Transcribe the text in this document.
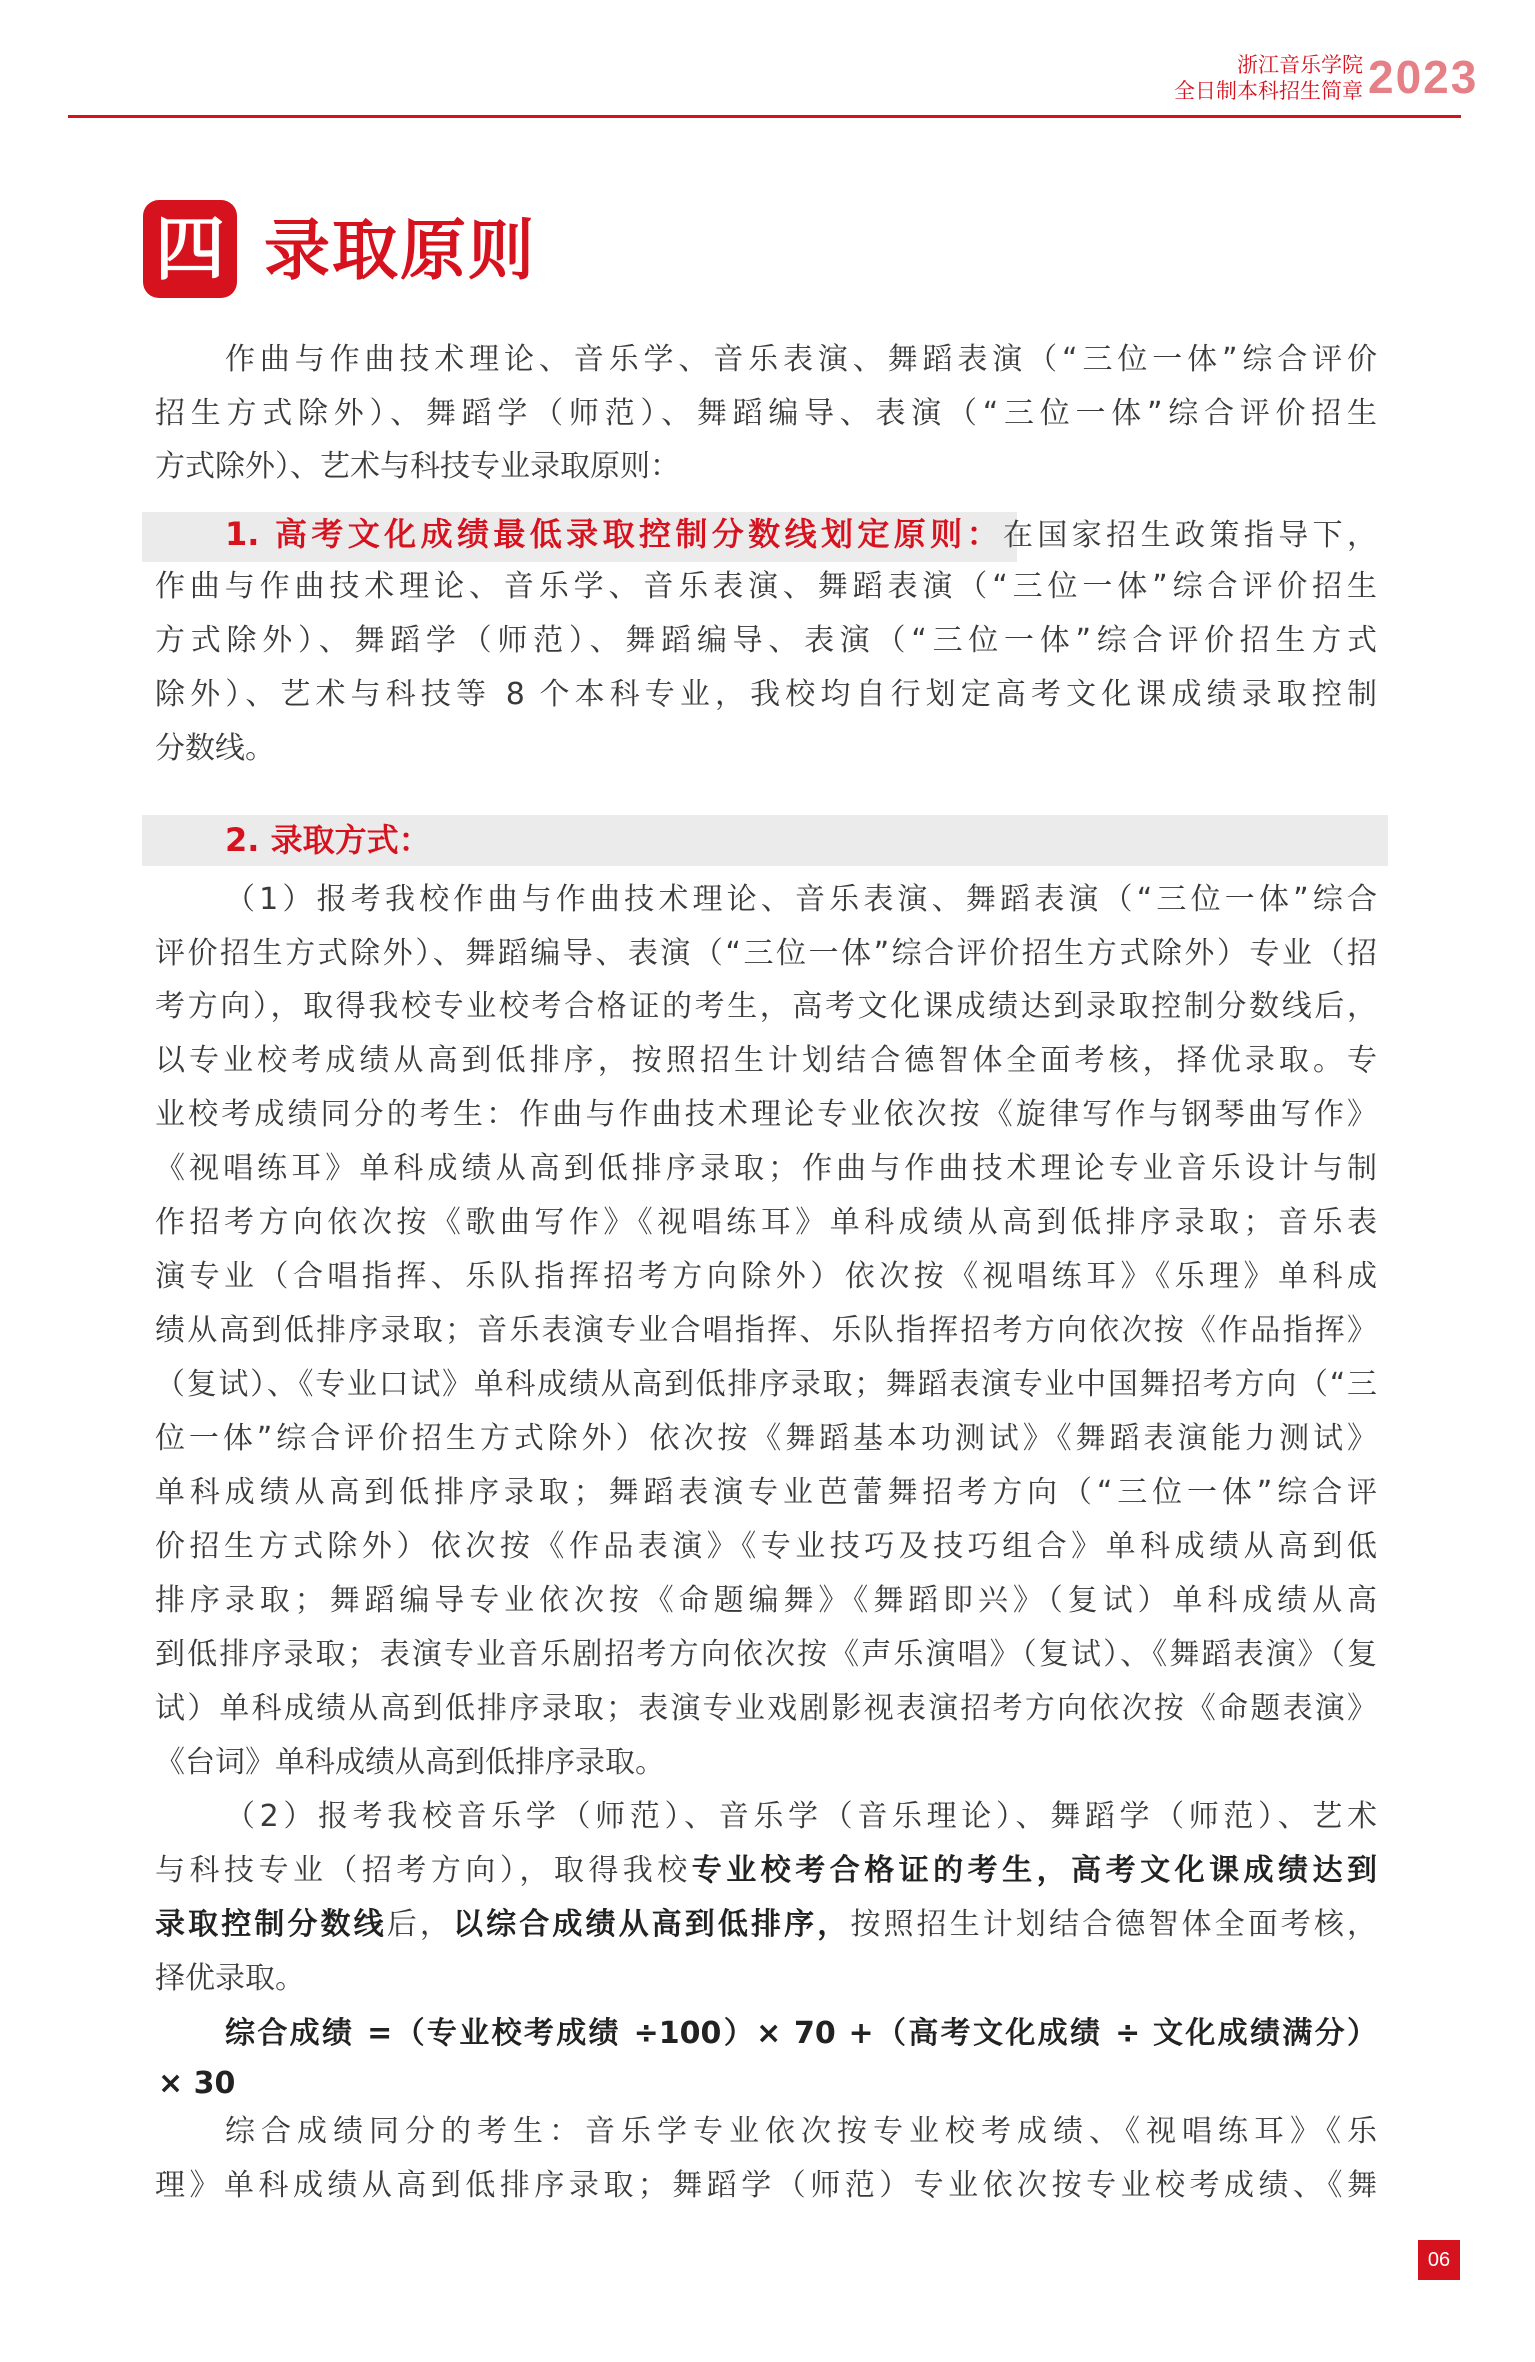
浙江音乐学院
全日制本科招生简章 2023
四 录取原则
作曲与作曲技术理论、音乐学、音乐表演、舞蹈表演（“三位一体”综合评价
招生方式除外）、舞蹈学（师范）、舞蹈编导、表演（“三位一体”综合评价招生
方式除外）、艺术与科技专业录取原则：
1. 高考文化成绩最低录取控制分数线划定原则：在国家招生政策指导下，
作曲与作曲技术理论、音乐学、音乐表演、舞蹈表演（“三位一体”综合评价招生
方式除外）、舞蹈学（师范）、舞蹈编导、表演（“三位一体”综合评价招生方式
除外）、艺术与科技等 8 个本科专业，我校均自行划定高考文化课成绩录取控制
分数线。
2. 录取方式：
（1）报考我校作曲与作曲技术理论、音乐表演、舞蹈表演（“三位一体”综合
评价招生方式除外）、舞蹈编导、表演（“三位一体”综合评价招生方式除外）专业（招
考方向），取得我校专业校考合格证的考生，高考文化课成绩达到录取控制分数线后，
以专业校考成绩从高到低排序，按照招生计划结合德智体全面考核，择优录取。专
业校考成绩同分的考生：作曲与作曲技术理论专业依次按《旋律写作与钢琴曲写作》
《视唱练耳》单科成绩从高到低排序录取；作曲与作曲技术理论专业音乐设计与制
作招考方向依次按《歌曲写作》《视唱练耳》单科成绩从高到低排序录取；音乐表
演专业（合唱指挥、乐队指挥招考方向除外）依次按《视唱练耳》《乐理》单科成
绩从高到低排序录取；音乐表演专业合唱指挥、乐队指挥招考方向依次按《作品指挥》
（复试）、《专业口试》单科成绩从高到低排序录取；舞蹈表演专业中国舞招考方向（“三
位一体”综合评价招生方式除外）依次按《舞蹈基本功测试》《舞蹈表演能力测试》
单科成绩从高到低排序录取；舞蹈表演专业芭蕾舞招考方向（“三位一体”综合评
价招生方式除外）依次按《作品表演》《专业技巧及技巧组合》单科成绩从高到低
排序录取；舞蹈编导专业依次按《命题编舞》《舞蹈即兴》（复试）单科成绩从高
到低排序录取；表演专业音乐剧招考方向依次按《声乐演唱》（复试）、《舞蹈表演》（复
试）单科成绩从高到低排序录取；表演专业戏剧影视表演招考方向依次按《命题表演》
《台词》单科成绩从高到低排序录取。
（2）报考我校音乐学（师范）、音乐学（音乐理论）、舞蹈学（师范）、艺术
与科技专业（招考方向），取得我校专业校考合格证的考生，高考文化课成绩达到
录取控制分数线后，以综合成绩从高到低排序，按照招生计划结合德智体全面考核，
择优录取。
综合成绩 =（专业校考成绩 ÷100）× 70 +（高考文化成绩 ÷ 文化成绩满分）
× 30
综合成绩同分的考生：音乐学专业依次按专业校考成绩、《视唱练耳》《乐
理》单科成绩从高到低排序录取；舞蹈学（师范）专业依次按专业校考成绩、《舞
06
